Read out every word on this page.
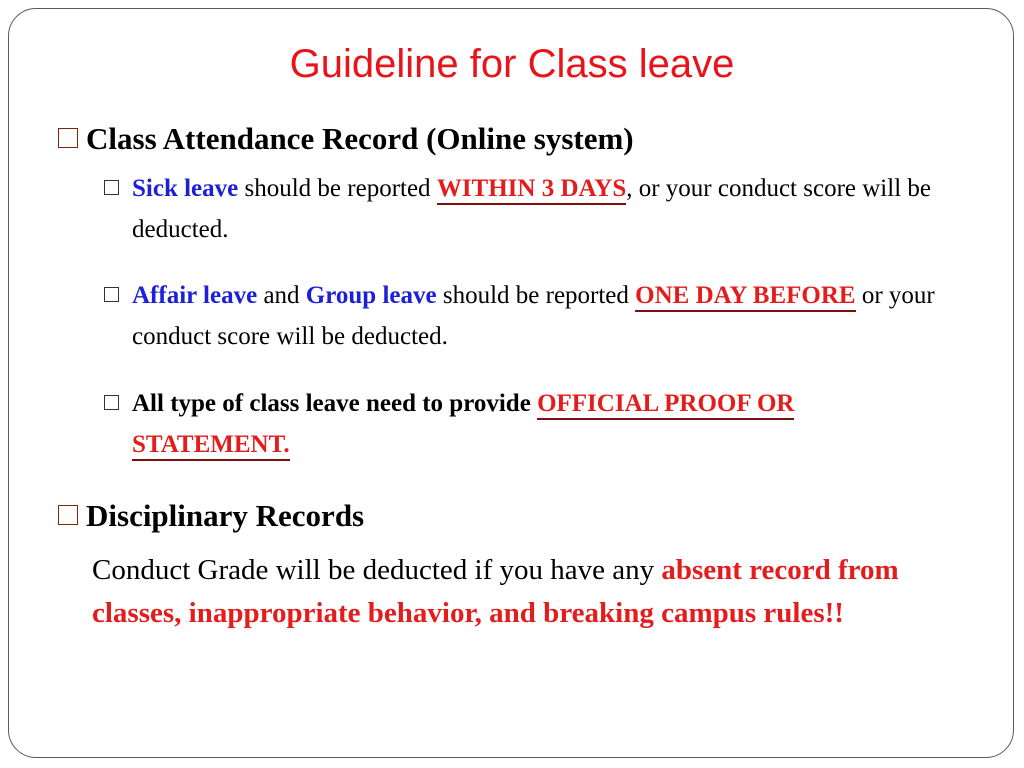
Guideline for Class leave
Class Attendance Record (Online system)
Sick leave should be reported WITHIN 3 DAYS, or your conduct score will be deducted.
Affair leave and Group leave should be reported ONE DAY BEFORE or your conduct score will be deducted.
All type of class leave need to provide OFFICIAL PROOF OR STATEMENT.
Disciplinary Records
Conduct Grade will be deducted if you have any absent record from classes, inappropriate behavior, and breaking campus rules!!
